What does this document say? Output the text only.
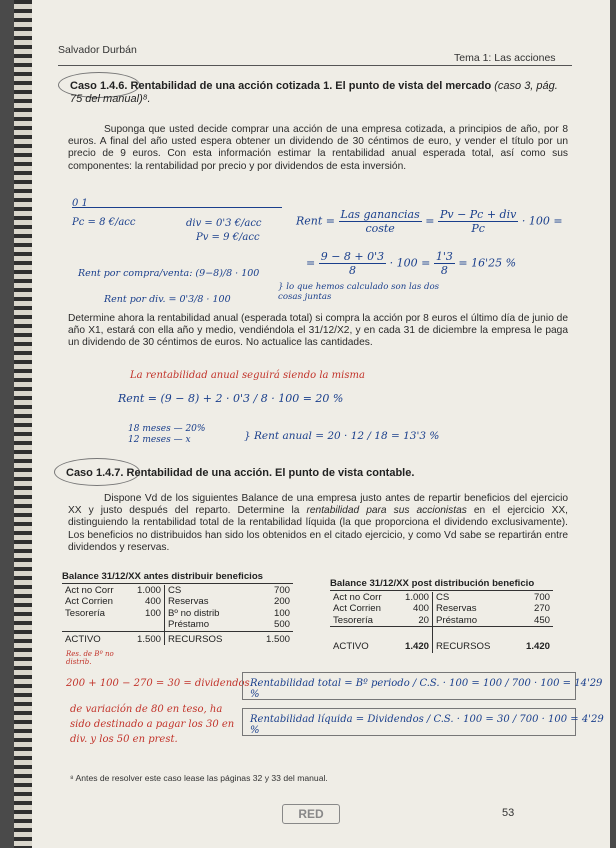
Salvador Durbán
Tema 1: Las acciones
Caso 1.4.6. Rentabilidad de una acción cotizada 1. El punto de vista del mercado (caso 3, pág. 75 del manual)⁸.
Suponga que usted decide comprar una acción de una empresa cotizada, a principios de año, por 8 euros. A final del año usted espera obtener un dividendo de 30 céntimos de euro, y vender el título por un precio de 9 euros. Con esta información estimar la rentabilidad anual esperada total, así como sus componentes: la rentabilidad por precio y por dividendos de esta inversión.
0 1
Pc = 8 €/acc	div = 0'3 €/acc
Pv = 9 €/acc
Rent = $\frac{\text{Las ganancias}}{\text{coste}} = \frac{\text{Pv − Pc + div}}{Pc} \cdot 100$ =
= $\frac{9 - 8 + 0'3}{8} \cdot 100 = \frac{1'3}{8} = 16'25$ %
Rent por compra/venta: (9−8)/8 · 100
Rent por div. = 0'3/8 · 100
} lo que hemos calculado son las dos cosas juntas
Determine ahora la rentabilidad anual (esperada total) si compra la acción por 8 euros el último día de junio de año X1, estará con ella año y medio, vendiéndola el 31/12/X2, y en cada 31 de diciembre la empresa le paga un dividendo de 30 céntimos de euros. No actualice las cantidades.
La rentabilidad anual seguirá siendo la misma
Rent = (9 − 8) + 2 · 0'3 / 8 · 100 = 20 %
18 meses — 20%
12 meses — x	} Rent anual = 20 · 12 / 18 = 13'3 %
Caso 1.4.7. Rentabilidad de una acción. El punto de vista contable.
Dispone Vd de los siguientes Balance de una empresa justo antes de repartir beneficios del ejercicio XX y justo después del reparto. Determine la rentabilidad para sus accionistas en el ejercicio XX, distinguiendo la rentabilidad total de la rentabilidad líquida (la que proporciona el dividendo exclusivamente). Los beneficios no distribuidos han sido los obtenidos en el citado ejercicio, y como Vd sabe se repartirán entre dividendos y reservas.
Balance 31/12/XX antes distribuir beneficios
Act no Corr	1.000	CS	700
Act Corrien	400	Reservas	200
Tesorería	100	Bº no distrib	100
		Préstamo	500
ACTIVO	1.500	RECURSOS	1.500
Balance 31/12/XX post distribución beneficio
Act no Corr	1.000	CS	700
Act Corrien	400	Reservas	270
Tesorería	20	Préstamo	450
ACTIVO	1.420	RECURSOS	1.420
Res. de Bº no distrib.
200 + 100 − 270 = 30 = dividendos
de variación de 80 en teso, ha sido destinado a pagar los 30 en div. y los 50 en prest.
Rentabilidad total = Bº periodo / C.S. · 100 = 100 / 700 · 100 = 14'29 %
Rentabilidad líquida = Dividendos / C.S. · 100 = 30 / 700 · 100 = 4'29 %
⁸ Antes de resolver este caso lease las páginas 32 y 33 del manual.
RED	53
